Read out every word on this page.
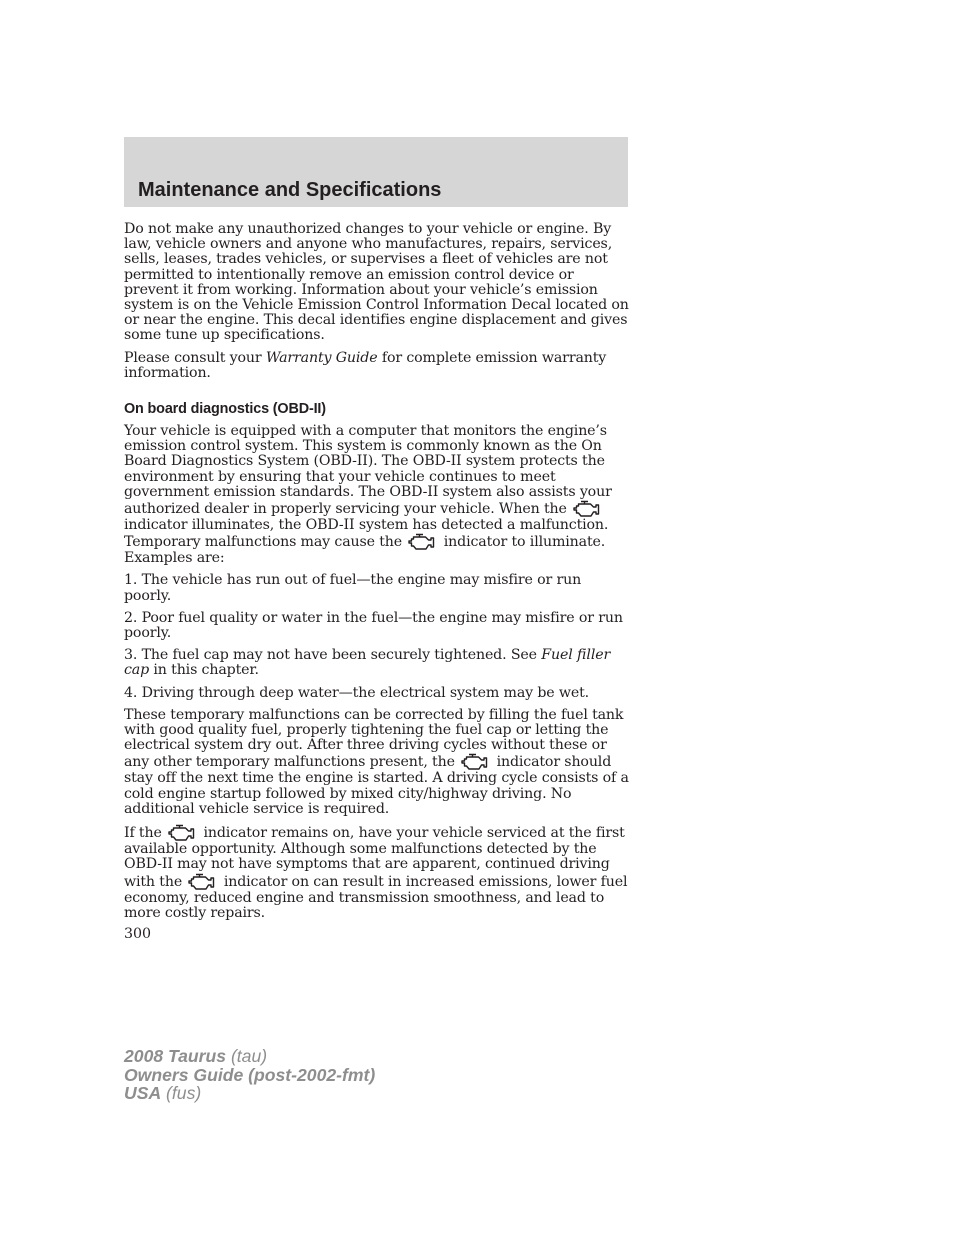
Maintenance and Specifications

Do not make any unauthorized changes to your vehicle or engine. By law, vehicle owners and anyone who manufactures, repairs, services, sells, leases, trades vehicles, or supervises a fleet of vehicles are not permitted to intentionally remove an emission control device or prevent it from working. Information about your vehicle’s emission system is on the Vehicle Emission Control Information Decal located on or near the engine. This decal identifies engine displacement and gives some tune up specifications.

Please consult your Warranty Guide for complete emission warranty information.

On board diagnostics (OBD-II)

Your vehicle is equipped with a computer that monitors the engine’s emission control system. This system is commonly known as the On Board Diagnostics System (OBD-II). The OBD-II system protects the environment by ensuring that your vehicle continues to meet government emission standards. The OBD-II system also assists your authorized dealer in properly servicing your vehicle. When the
indicator illuminates, the OBD-II system has detected a malfunction. Temporary malfunctions may cause the	indicator to illuminate. Examples are:

1. The vehicle has run out of fuel—the engine may misfire or run poorly.

2. Poor fuel quality or water in the fuel—the engine may misfire or run poorly.

3. The fuel cap may not have been securely tightened. See Fuel filler cap in this chapter.

4. Driving through deep water—the electrical system may be wet.

These temporary malfunctions can be corrected by filling the fuel tank with good quality fuel, properly tightening the fuel cap or letting the electrical system dry out. After three driving cycles without these or any other temporary malfunctions present, the	indicator should stay off the next time the engine is started. A driving cycle consists of a cold engine startup followed by mixed city/highway driving. No additional vehicle service is required.

If the	indicator remains on, have your vehicle serviced at the first available opportunity. Although some malfunctions detected by the OBD-II may not have symptoms that are apparent, continued driving with the	indicator on can result in increased emissions, lower fuel economy, reduced engine and transmission smoothness, and lead to more costly repairs.

300
2008 Taurus (tau)
Owners Guide (post-2002-fmt)
USA (fus)
